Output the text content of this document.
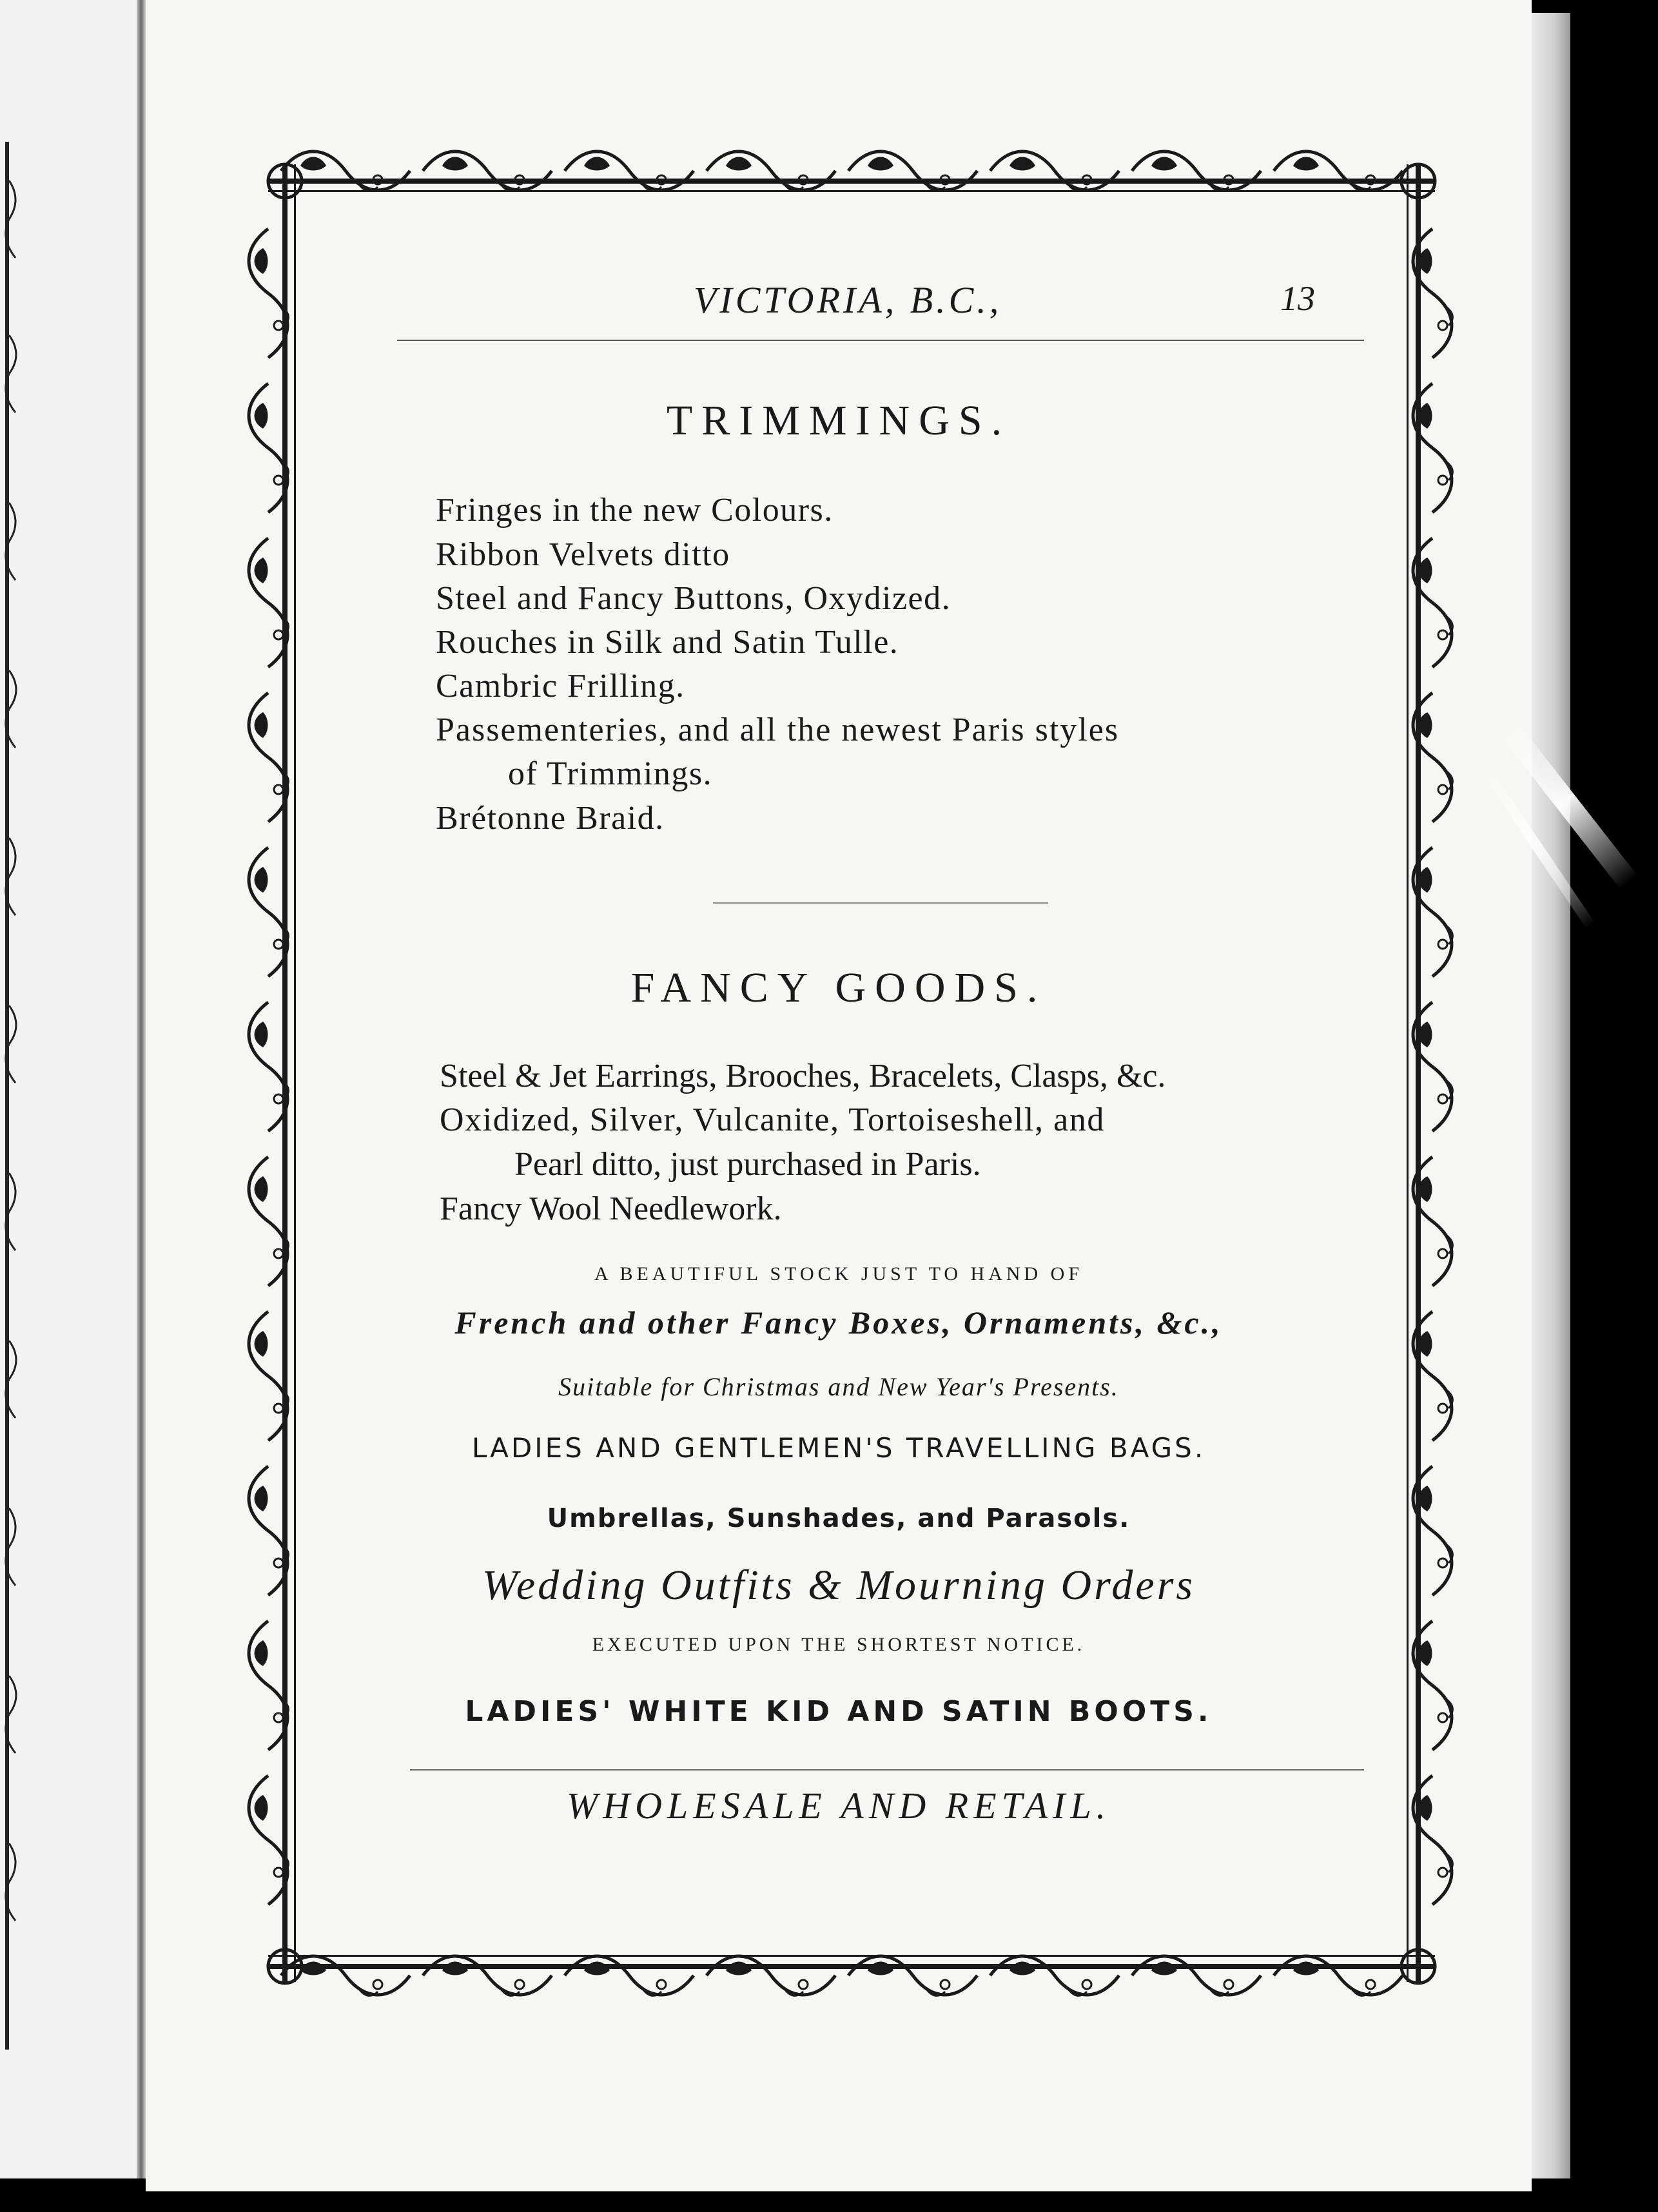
VICTORIA, B.C.,	13
TRIMMINGS.
Fringes in the new Colours.
Ribbon Velvets ditto
Steel and Fancy Buttons, Oxydized.
Rouches in Silk and Satin Tulle.
Cambric Frilling.
Passementeries, and all the newest Paris styles
of Trimmings.
Brétonne Braid.
FANCY GOODS.
Steel & Jet Earrings, Brooches, Bracelets, Clasps, &c.
Oxidized, Silver, Vulcanite, Tortoiseshell, and
Pearl ditto, just purchased in Paris.
Fancy Wool Needlework.
A BEAUTIFUL STOCK JUST TO HAND OF
French and other Fancy Boxes, Ornaments, &c.,
Suitable for Christmas and New Year's Presents.
LADIES AND GENTLEMEN'S TRAVELLING BAGS.
Umbrellas, Sunshades, and Parasols.
Wedding Outfits & Mourning Orders
EXECUTED UPON THE SHORTEST NOTICE.
LADIES' WHITE KID AND SATIN BOOTS.
WHOLESALE AND RETAIL.
